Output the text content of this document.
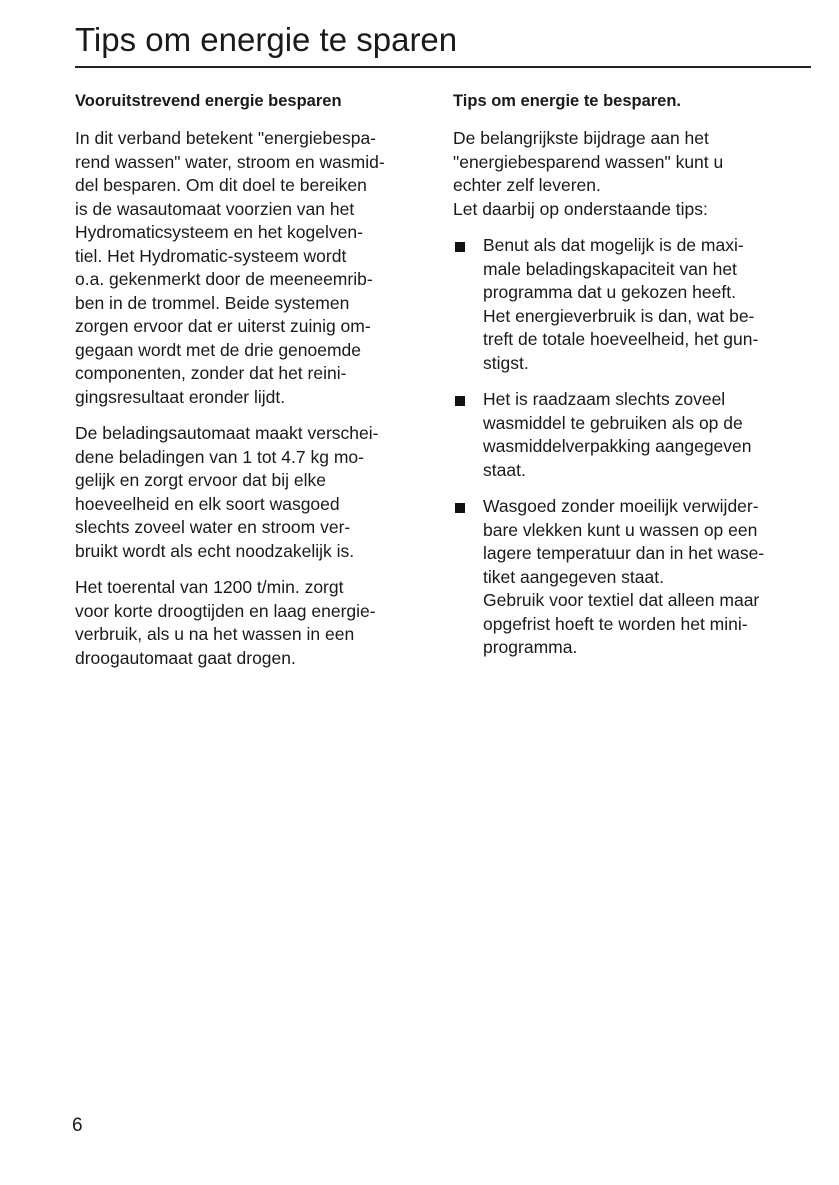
Tips om energie te sparen
Vooruitstrevend energie besparen
In dit verband betekent "energiebespa-
rend wassen" water, stroom en wasmid-
del besparen. Om dit doel te bereiken
is de wasautomaat voorzien van het
Hydromaticsysteem en het kogelven-
tiel. Het Hydromatic-systeem wordt
o.a. gekenmerkt door de meeneemrib-
ben in de trommel. Beide systemen
zorgen ervoor dat er uiterst zuinig om-
gegaan wordt met de drie genoemde
componenten, zonder dat het reini-
gingsresultaat eronder lijdt.
De beladingsautomaat maakt verschei-
dene beladingen van 1 tot 4.7 kg mo-
gelijk en zorgt ervoor dat bij elke
hoeveelheid en elk soort wasgoed
slechts zoveel water en stroom ver-
bruikt wordt als echt noodzakelijk is.
Het toerental van 1200 t/min. zorgt
voor korte droogtijden en laag energie-
verbruik, als u na het wassen in een
droogautomaat gaat drogen.
Tips om energie te besparen.
De belangrijkste bijdrage aan het
"energiebesparend wassen" kunt u
echter zelf leveren.
Let daarbij op onderstaande tips:
Benut als dat mogelijk is de maxi-
male beladingskapaciteit van het
programma dat u gekozen heeft.
Het energieverbruik is dan, wat be-
treft de totale hoeveelheid, het gun-
stigst.
Het is raadzaam slechts zoveel
wasmiddel te gebruiken als op de
wasmiddelverpakking aangegeven
staat.
Wasgoed zonder moeilijk verwijder-
bare vlekken kunt u wassen op een
lagere temperatuur dan in het wase-
tiket aangegeven staat.
Gebruik voor textiel dat alleen maar
opgefrist hoeft te worden het mini-
programma.
6
